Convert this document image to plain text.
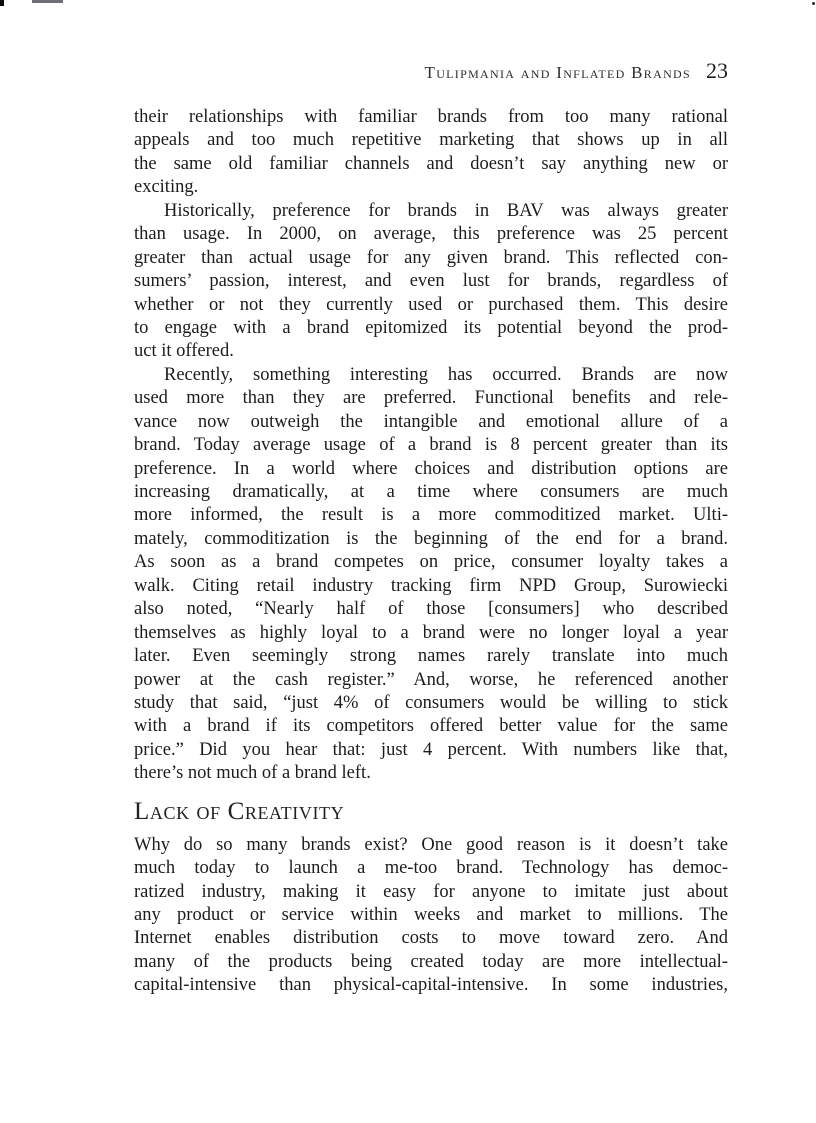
Tulipmania and Inflated Brands 23
their relationships with familiar brands from too many rational
appeals and too much repetitive marketing that shows up in all
the same old familiar channels and doesn’t say anything new or
exciting.
Historically, preference for brands in BAV was always greater
than usage. In 2000, on average, this preference was 25 percent
greater than actual usage for any given brand. This reflected con-
sumers’ passion, interest, and even lust for brands, regardless of
whether or not they currently used or purchased them. This desire
to engage with a brand epitomized its potential beyond the prod-
uct it offered.
Recently, something interesting has occurred. Brands are now
used more than they are preferred. Functional benefits and rele-
vance now outweigh the intangible and emotional allure of a
brand. Today average usage of a brand is 8 percent greater than its
preference. In a world where choices and distribution options are
increasing dramatically, at a time where consumers are much
more informed, the result is a more commoditized market. Ulti-
mately, commoditization is the beginning of the end for a brand.
As soon as a brand competes on price, consumer loyalty takes a
walk. Citing retail industry tracking firm NPD Group, Surowiecki
also noted, “Nearly half of those [consumers] who described
themselves as highly loyal to a brand were no longer loyal a year
later. Even seemingly strong names rarely translate into much
power at the cash register.” And, worse, he referenced another
study that said, “just 4% of consumers would be willing to stick
with a brand if its competitors offered better value for the same
price.” Did you hear that: just 4 percent. With numbers like that,
there’s not much of a brand left.
Lack of Creativity
Why do so many brands exist? One good reason is it doesn’t take
much today to launch a me-too brand. Technology has democ-
ratized industry, making it easy for anyone to imitate just about
any product or service within weeks and market to millions. The
Internet enables distribution costs to move toward zero. And
many of the products being created today are more intellectual-
capital-intensive than physical-capital-intensive. In some industries,
